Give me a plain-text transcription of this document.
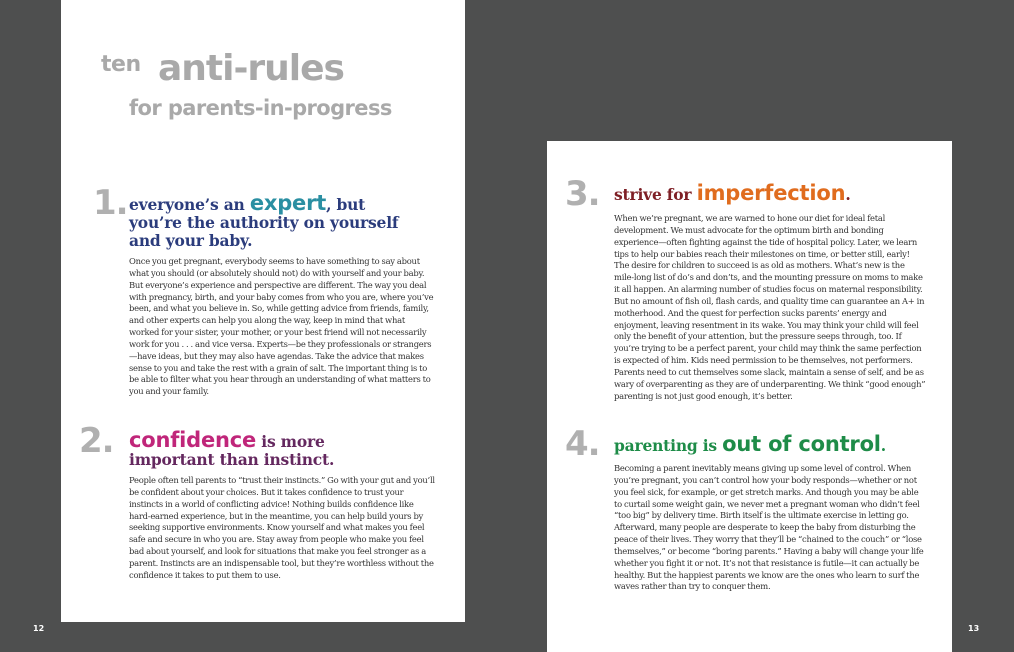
ten anti-rules
for parents-in-progress
1. everyone’s an expert, but you’re the authority on yourself and your baby.

Once you get pregnant, everybody seems to have something to say about what you should (or absolutely should not) do with yourself and your baby. But everyone’s experience and perspective are different. The way you deal with pregnancy, birth, and your baby comes from who you are, where you’ve been, and what you believe in. So, while getting advice from friends, family, and other experts can help you along the way, keep in mind that what worked for your sister, your mother, or your best friend will not necessarily work for you . . . and vice versa. Experts—be they professionals or strangers—have ideas, but they may also have agendas. Take the advice that makes sense to you and take the rest with a grain of salt. The important thing is to be able to filter what you hear through an understanding of what matters to you and your family.

2. confidence is more important than instinct.

People often tell parents to “trust their instincts.” Go with your gut and you’ll be confident about your choices. But it takes confidence to trust your instincts in a world of conflicting advice! Nothing builds confidence like hard-earned experience, but in the meantime, you can help build yours by seeking supportive environments. Know yourself and what makes you feel safe and secure in who you are. Stay away from people who make you feel bad about yourself, and look for situations that make you feel stronger as a parent. Instincts are an indispensable tool, but they’re worthless without the confidence it takes to put them to use.

3. strive for imperfection.

When we’re pregnant, we are warned to hone our diet for ideal fetal development. We must advocate for the optimum birth and bonding experience—often fighting against the tide of hospital policy. Later, we learn tips to help our babies reach their milestones on time, or better still, early! The desire for children to succeed is as old as mothers. What’s new is the mile-long list of do’s and don’ts, and the mounting pressure on moms to make it all happen. An alarming number of studies focus on maternal responsibility. But no amount of fish oil, flash cards, and quality time can guarantee an A+ in motherhood. And the quest for perfection sucks parents’ energy and enjoyment, leaving resentment in its wake. You may think your child will feel only the benefit of your attention, but the pressure seeps through, too. If you’re trying to be a perfect parent, your child may think the same perfection is expected of him. Kids need permission to be themselves, not performers. Parents need to cut themselves some slack, maintain a sense of self, and be as wary of overparenting as they are of underparenting. We think “good enough” parenting is not just good enough, it’s better.

4. parenting is out of control.

Becoming a parent inevitably means giving up some level of control. When you’re pregnant, you can’t control how your body responds—whether or not you feel sick, for example, or get stretch marks. And though you may be able to curtail some weight gain, we never met a pregnant woman who didn’t feel “too big” by delivery time. Birth itself is the ultimate exercise in letting go. Afterward, many people are desperate to keep the baby from disturbing the peace of their lives. They worry that they’ll be “chained to the couch” or “lose themselves,” or become “boring parents.” Having a baby will change your life whether you fight it or not. It’s not that resistance is futile—it can actually be healthy. But the happiest parents we know are the ones who learn to surf the waves rather than try to conquer them.

12	13
